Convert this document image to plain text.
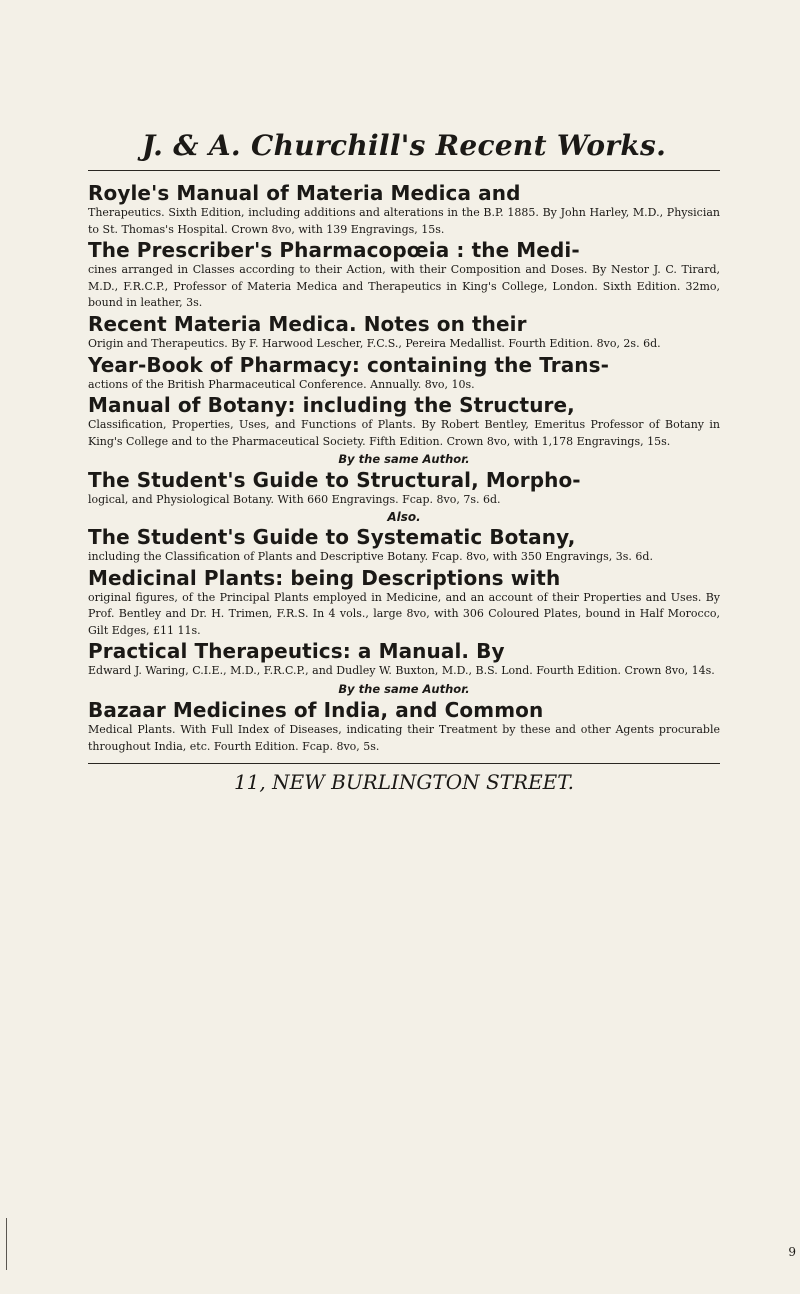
J. & A. Churchill's Recent Works.
Royle's Manual of Materia Medica and
Therapeutics. Sixth Edition, including additions and alterations in the B.P. 1885. By John Harley, M.D., Physician to St. Thomas's Hospital. Crown 8vo, with 139 Engravings, 15s.
The Prescriber's Pharmacopœia : the Medi-
cines arranged in Classes according to their Action, with their Composition and Doses. By Nestor J. C. Tirard, M.D., F.R.C.P., Professor of Materia Medica and Therapeutics in King's College, London. Sixth Edition. 32mo, bound in leather, 3s.
Recent Materia Medica. Notes on their
Origin and Therapeutics. By F. Harwood Lescher, F.C.S., Pereira Medallist. Fourth Edition. 8vo, 2s. 6d.
Year-Book of Pharmacy: containing the Trans-
actions of the British Pharmaceutical Conference. Annually. 8vo, 10s.
Manual of Botany: including the Structure,
Classification, Properties, Uses, and Functions of Plants. By Robert Bentley, Emeritus Professor of Botany in King's College and to the Pharmaceutical Society. Fifth Edition. Crown 8vo, with 1,178 Engravings, 15s.
By the same Author.
The Student's Guide to Structural, Morpho-
logical, and Physiological Botany. With 660 Engravings. Fcap. 8vo, 7s. 6d.
Also.
The Student's Guide to Systematic Botany,
including the Classification of Plants and Descriptive Botany. Fcap. 8vo, with 350 Engravings, 3s. 6d.
Medicinal Plants: being Descriptions with
original figures, of the Principal Plants employed in Medicine, and an account of their Properties and Uses. By Prof. Bentley and Dr. H. Trimen, F.R.S. In 4 vols., large 8vo, with 306 Coloured Plates, bound in Half Morocco, Gilt Edges, £11 11s.
Practical Therapeutics: a Manual. By
Edward J. Waring, C.I.E., M.D., F.R.C.P., and Dudley W. Buxton, M.D., B.S. Lond. Fourth Edition. Crown 8vo, 14s.
By the same Author.
Bazaar Medicines of India, and Common
Medical Plants. With Full Index of Diseases, indicating their Treatment by these and other Agents procurable throughout India, etc. Fourth Edition. Fcap. 8vo, 5s.
11, NEW BURLINGTON STREET.
9
